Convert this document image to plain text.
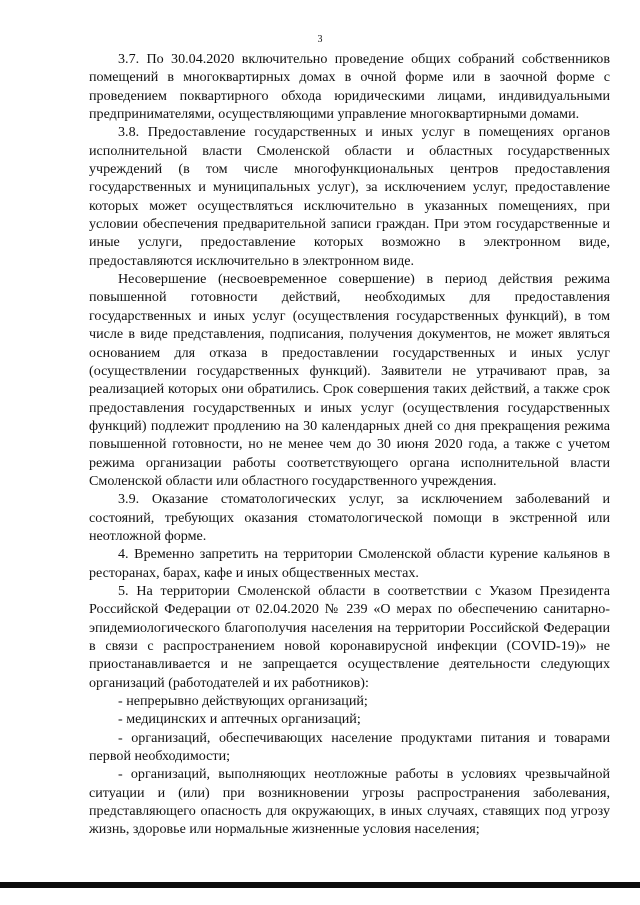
3

3.7. По 30.04.2020 включительно проведение общих собраний собственников помещений в многоквартирных домах в очной форме или в заочной форме с проведением поквартирного обхода юридическими лицами, индивидуальными предпринимателями, осуществляющими управление многоквартирными домами.

3.8. Предоставление государственных и иных услуг в помещениях органов исполнительной власти Смоленской области и областных государственных учреждений (в том числе многофункциональных центров предоставления государственных и муниципальных услуг), за исключением услуг, предоставление которых может осуществляться исключительно в указанных помещениях, при условии обеспечения предварительной записи граждан. При этом государственные и иные услуги, предоставление которых возможно в электронном виде, предоставляются исключительно в электронном виде.

Несовершение (несвоевременное совершение) в период действия режима повышенной готовности действий, необходимых для предоставления государственных и иных услуг (осуществления государственных функций), в том числе в виде представления, подписания, получения документов, не может являться основанием для отказа в предоставлении государственных и иных услуг (осуществлении государственных функций). Заявители не утрачивают прав, за реализацией которых они обратились. Срок совершения таких действий, а также срок предоставления государственных и иных услуг (осуществления государственных функций) подлежит продлению на 30 календарных дней со дня прекращения режима повышенной готовности, но не менее чем до 30 июня 2020 года, а также с учетом режима организации работы соответствующего органа исполнительной власти Смоленской области или областного государственного учреждения.

3.9. Оказание стоматологических услуг, за исключением заболеваний и состояний, требующих оказания стоматологической помощи в экстренной или неотложной форме.

4. Временно запретить на территории Смоленской области курение кальянов в ресторанах, барах, кафе и иных общественных местах.

5. На территории Смоленской области в соответствии с Указом Президента Российской Федерации от 02.04.2020 № 239 «О мерах по обеспечению санитарно-эпидемиологического благополучия населения на территории Российской Федерации в связи с распространением новой коронавирусной инфекции (COVID-19)» не приостанавливается и не запрещается осуществление деятельности следующих организаций (работодателей и их работников):

- непрерывно действующих организаций;

- медицинских и аптечных организаций;

- организаций, обеспечивающих население продуктами питания и товарами первой необходимости;

- организаций, выполняющих неотложные работы в условиях чрезвычайной ситуации и (или) при возникновении угрозы распространения заболевания, представляющего опасность для окружающих, в иных случаях, ставящих под угрозу жизнь, здоровье или нормальные жизненные условия населения;
